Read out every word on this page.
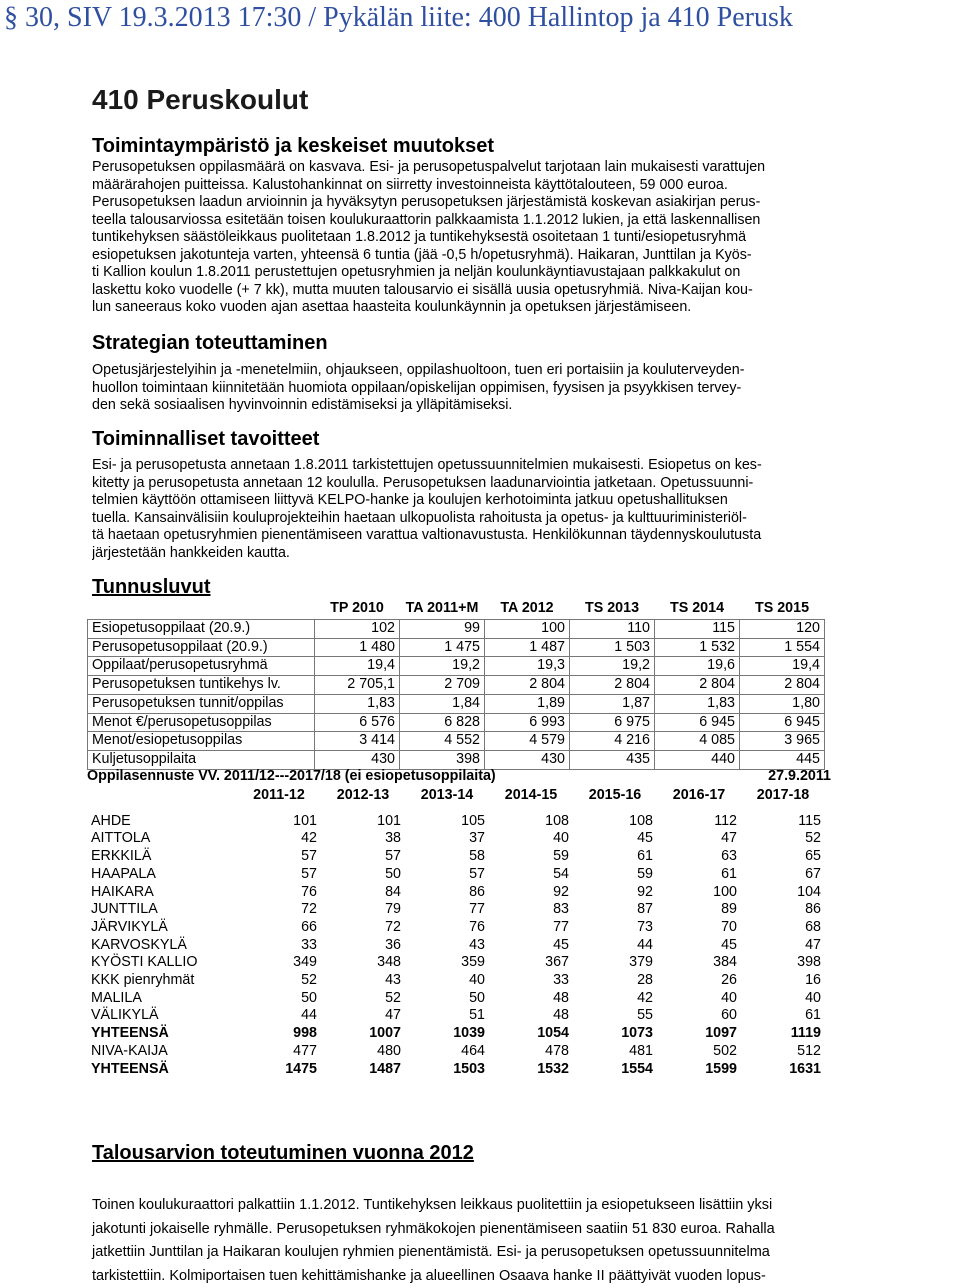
§ 30, SIV 19.3.2013 17:30 / Pykälän liite: 400 Hallintop ja 410 Perusk
410 Peruskoulut
Toimintaympäristö ja keskeiset muutokset
Perusopetuksen oppilasmäärä on kasvava. Esi- ja perusopetuspalvelut tarjotaan lain mukaisesti varattujen
määrärahojen puitteissa. Kalustohankinnat on siirretty investoinneista käyttötalouteen, 59 000 euroa.
Perusopetuksen laadun arvioinnin ja hyväksytyn perusopetuksen järjestämistä koskevan asiakirjan perus-
teella talousarviossa esitetään toisen koulukuraattorin palkkaamista 1.1.2012 lukien, ja että laskennallisen
tuntikehyksen säästöleikkaus puolitetaan 1.8.2012 ja tuntikehyksestä osoitetaan 1 tunti/esiopetusryhmä
esiopetuksen jakotunteja varten, yhteensä 6 tuntia (jää -0,5 h/opetusryhmä). Haikaran, Junttilan ja Kyös-
ti Kallion koulun 1.8.2011 perustettujen opetusryhmien ja neljän koulunkäyntiavustajaan palkkakulut on
laskettu koko vuodelle (+ 7 kk), mutta muuten talousarvio ei sisällä uusia opetusryhmiä. Niva-Kaijan kou-
lun saneeraus koko vuoden ajan asettaa haasteita koulunkäynnin ja opetuksen järjestämiseen.
Strategian toteuttaminen
Opetusjärjestelyihin ja -menetelmiin, ohjaukseen, oppilashuoltoon, tuen eri portaisiin ja kouluterveyden-
huollon toimintaan kiinnitetään huomiota oppilaan/opiskelijan oppimisen, fyysisen ja psyykkisen tervey-
den sekä sosiaalisen hyvinvoinnin edistämiseksi ja ylläpitämiseksi.
Toiminnalliset tavoitteet
Esi- ja perusopetusta annetaan 1.8.2011 tarkistettujen opetussuunnitelmien mukaisesti. Esiopetus on kes-
kitetty ja perusopetusta annetaan 12 koululla. Perusopetuksen laadunarviointia jatketaan. Opetussuunni-
telmien käyttöön ottamiseen liittyvä KELPO-hanke ja koulujen kerhotoiminta jatkuu opetushallituksen
tuella. Kansainvälisiin kouluprojekteihin haetaan ulkopuolista rahoitusta ja opetus- ja kulttuuriministeriöl-
tä haetaan opetusryhmien pienentämiseen varattua valtionavustusta. Henkilökunnan täydennyskoulutusta
järjestetään hankkeiden kautta.
Tunnusluvut
	TP 2010	TA 2011+M	TA 2012	TS 2013	TS 2014	TS 2015
Esiopetusoppilaat (20.9.)	102	99	100	110	115	120
Perusopetusoppilaat (20.9.)	1 480	1 475	1 487	1 503	1 532	1 554
Oppilaat/perusopetusryhmä	19,4	19,2	19,3	19,2	19,6	19,4
Perusopetuksen tuntikehys lv.	2 705,1	2 709	2 804	2 804	2 804	2 804
Perusopetuksen tunnit/oppilas	1,83	1,84	1,89	1,87	1,83	1,80
Menot €/perusopetusoppilas	6 576	6 828	6 993	6 975	6 945	6 945
Menot/esiopetusoppilas	3 414	4 552	4 579	4 216	4 085	3 965
Kuljetusoppilaita	430	398	430	435	440	445
Oppilasennuste VV. 2011/12---2017/18 (ei esiopetusoppilaita)	27.9.2011
	2011-12	2012-13	2013-14	2014-15	2015-16	2016-17	2017-18

AHDE	101	101	105	108	108	112	115
AITTOLA	42	38	37	40	45	47	52
ERKKILÄ	57	57	58	59	61	63	65
HAAPALA	57	50	57	54	59	61	67
HAIKARA	76	84	86	92	92	100	104
JUNTTILA	72	79	77	83	87	89	86
JÄRVIKYLÄ	66	72	76	77	73	70	68
KARVOSKYLÄ	33	36	43	45	44	45	47
KYÖSTI KALLIO	349	348	359	367	379	384	398
KKK pienryhmät	52	43	40	33	28	26	16
MALILA	50	52	50	48	42	40	40
VÄLIKYLÄ	44	47	51	48	55	60	61
YHTEENSÄ	998	1007	1039	1054	1073	1097	1119
NIVA-KAIJA	477	480	464	478	481	502	512
YHTEENSÄ	1475	1487	1503	1532	1554	1599	1631
Talousarvion toteutuminen vuonna 2012
Toinen koulukuraattori palkattiin 1.1.2012. Tuntikehyksen leikkaus puolitettiin ja esiopetukseen lisättiin yksi
jakotunti jokaiselle ryhmälle. Perusopetuksen ryhmäkokojen pienentämiseen saatiin 51 830 euroa. Rahalla
jatkettiin Junttilan ja Haikaran koulujen ryhmien pienentämistä. Esi- ja perusopetuksen opetussuunnitelma
tarkistettiin. Kolmiportaisen tuen kehittämishanke ja alueellinen Osaava hanke II päättyivät vuoden lopus-
